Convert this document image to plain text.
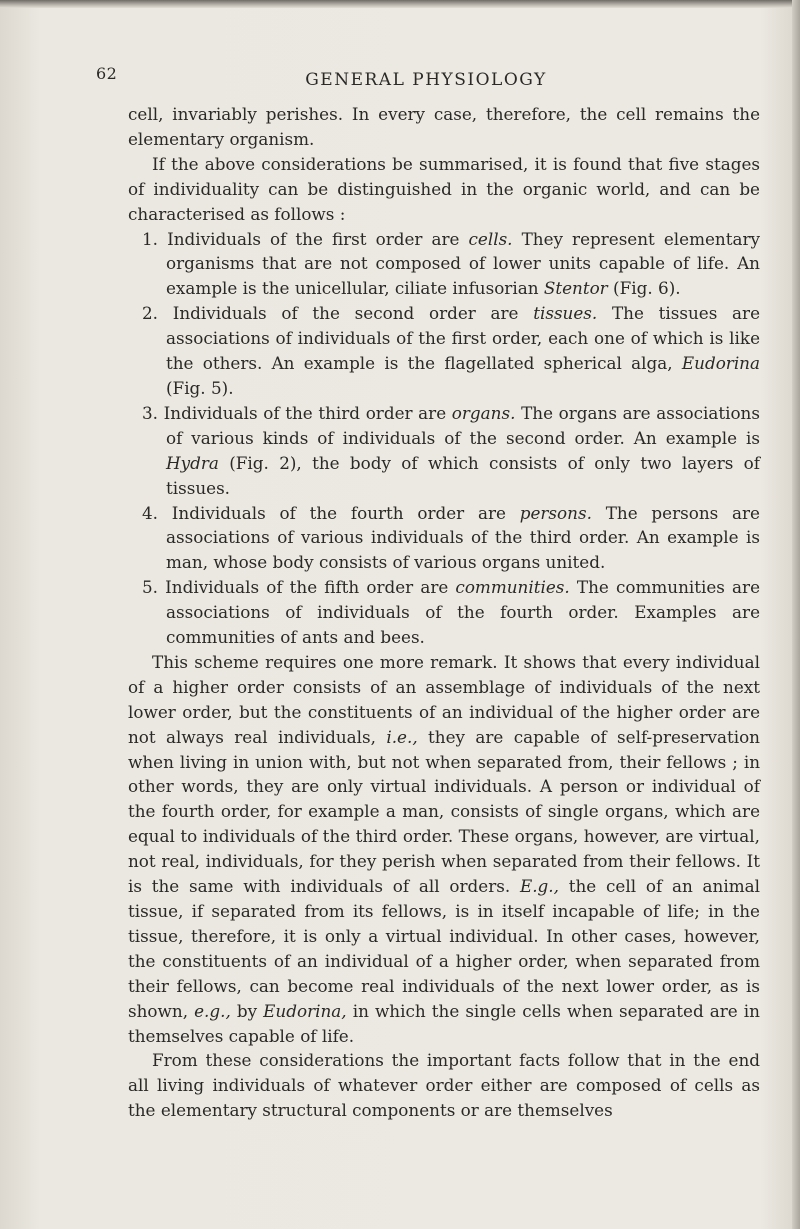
62	GENERAL PHYSIOLOGY

cell, invariably perishes. In every case, therefore, the cell remains the elementary organism.

If the above considerations be summarised, it is found that five stages of individuality can be distinguished in the organic world, and can be characterised as follows :

1. Individuals of the first order are cells. They represent elementary organisms that are not composed of lower units capable of life. An example is the unicellular, ciliate infusorian Stentor (Fig. 6).

2. Individuals of the second order are tissues. The tissues are associations of individuals of the first order, each one of which is like the others. An example is the flagellated spherical alga, Eudorina (Fig. 5).

3. Individuals of the third order are organs. The organs are associations of various kinds of individuals of the second order. An example is Hydra (Fig. 2), the body of which consists of only two layers of tissues.

4. Individuals of the fourth order are persons. The persons are associations of various individuals of the third order. An example is man, whose body consists of various organs united.

5. Individuals of the fifth order are communities. The communities are associations of individuals of the fourth order. Examples are communities of ants and bees.

This scheme requires one more remark. It shows that every individual of a higher order consists of an assemblage of individuals of the next lower order, but the constituents of an individual of the higher order are not always real individuals, i.e., they are capable of self-preservation when living in union with, but not when separated from, their fellows ; in other words, they are only virtual individuals. A person or individual of the fourth order, for example a man, consists of single organs, which are equal to individuals of the third order. These organs, however, are virtual, not real, individuals, for they perish when separated from their fellows. It is the same with individuals of all orders. E.g., the cell of an animal tissue, if separated from its fellows, is in itself incapable of life; in the tissue, therefore, it is only a virtual individual. In other cases, however, the constituents of an individual of a higher order, when separated from their fellows, can become real individuals of the next lower order, as is shown, e.g., by Eudorina, in which the single cells when separated are in themselves capable of life.

From these considerations the important facts follow that in the end all living individuals of whatever order either are composed of cells as the elementary structural components or are themselves
